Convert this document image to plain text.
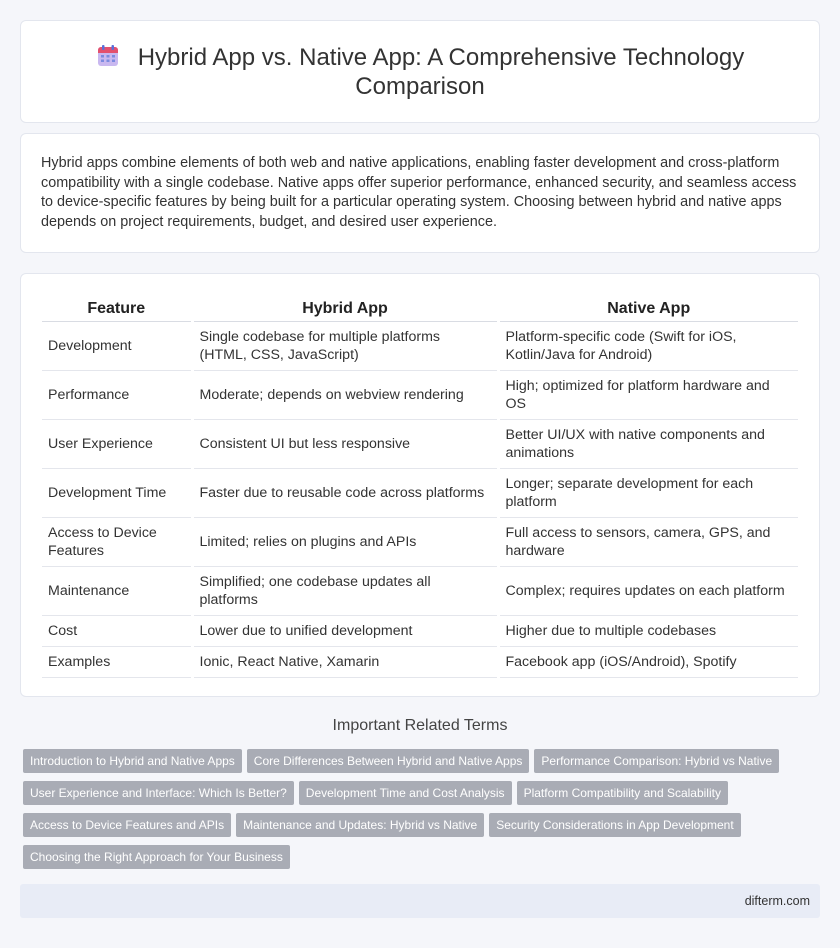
Hybrid App vs. Native App: A Comprehensive Technology
Comparison

Hybrid apps combine elements of both web and native applications, enabling faster development and cross-platform compatibility with a single codebase. Native apps offer superior performance, enhanced security, and seamless access to device-specific features by being built for a particular operating system. Choosing between hybrid and native apps depends on project requirements, budget, and desired user experience.

Feature	Hybrid App	Native App
Development	Single codebase for multiple platforms (HTML, CSS, JavaScript)	Platform-specific code (Swift for iOS, Kotlin/Java for Android)
Performance	Moderate; depends on webview rendering	High; optimized for platform hardware and OS
User Experience	Consistent UI but less responsive	Better UI/UX with native components and animations
Development Time	Faster due to reusable code across platforms	Longer; separate development for each platform
Access to Device Features	Limited; relies on plugins and APIs	Full access to sensors, camera, GPS, and hardware
Maintenance	Simplified; one codebase updates all platforms	Complex; requires updates on each platform
Cost	Lower due to unified development	Higher due to multiple codebases
Examples	Ionic, React Native, Xamarin	Facebook app (iOS/Android), Spotify
Important Related Terms
Introduction to Hybrid and Native Apps Core Differences Between Hybrid and Native Apps Performance Comparison: Hybrid vs NativeUser Experience and Interface: Which Is Better? Development Time and Cost Analysis Platform Compatibility and ScalabilityAccess to Device Features and APIs Maintenance and Updates: Hybrid vs Native Security Considerations in App DevelopmentChoosing the Right Approach for Your Business
difterm.com
